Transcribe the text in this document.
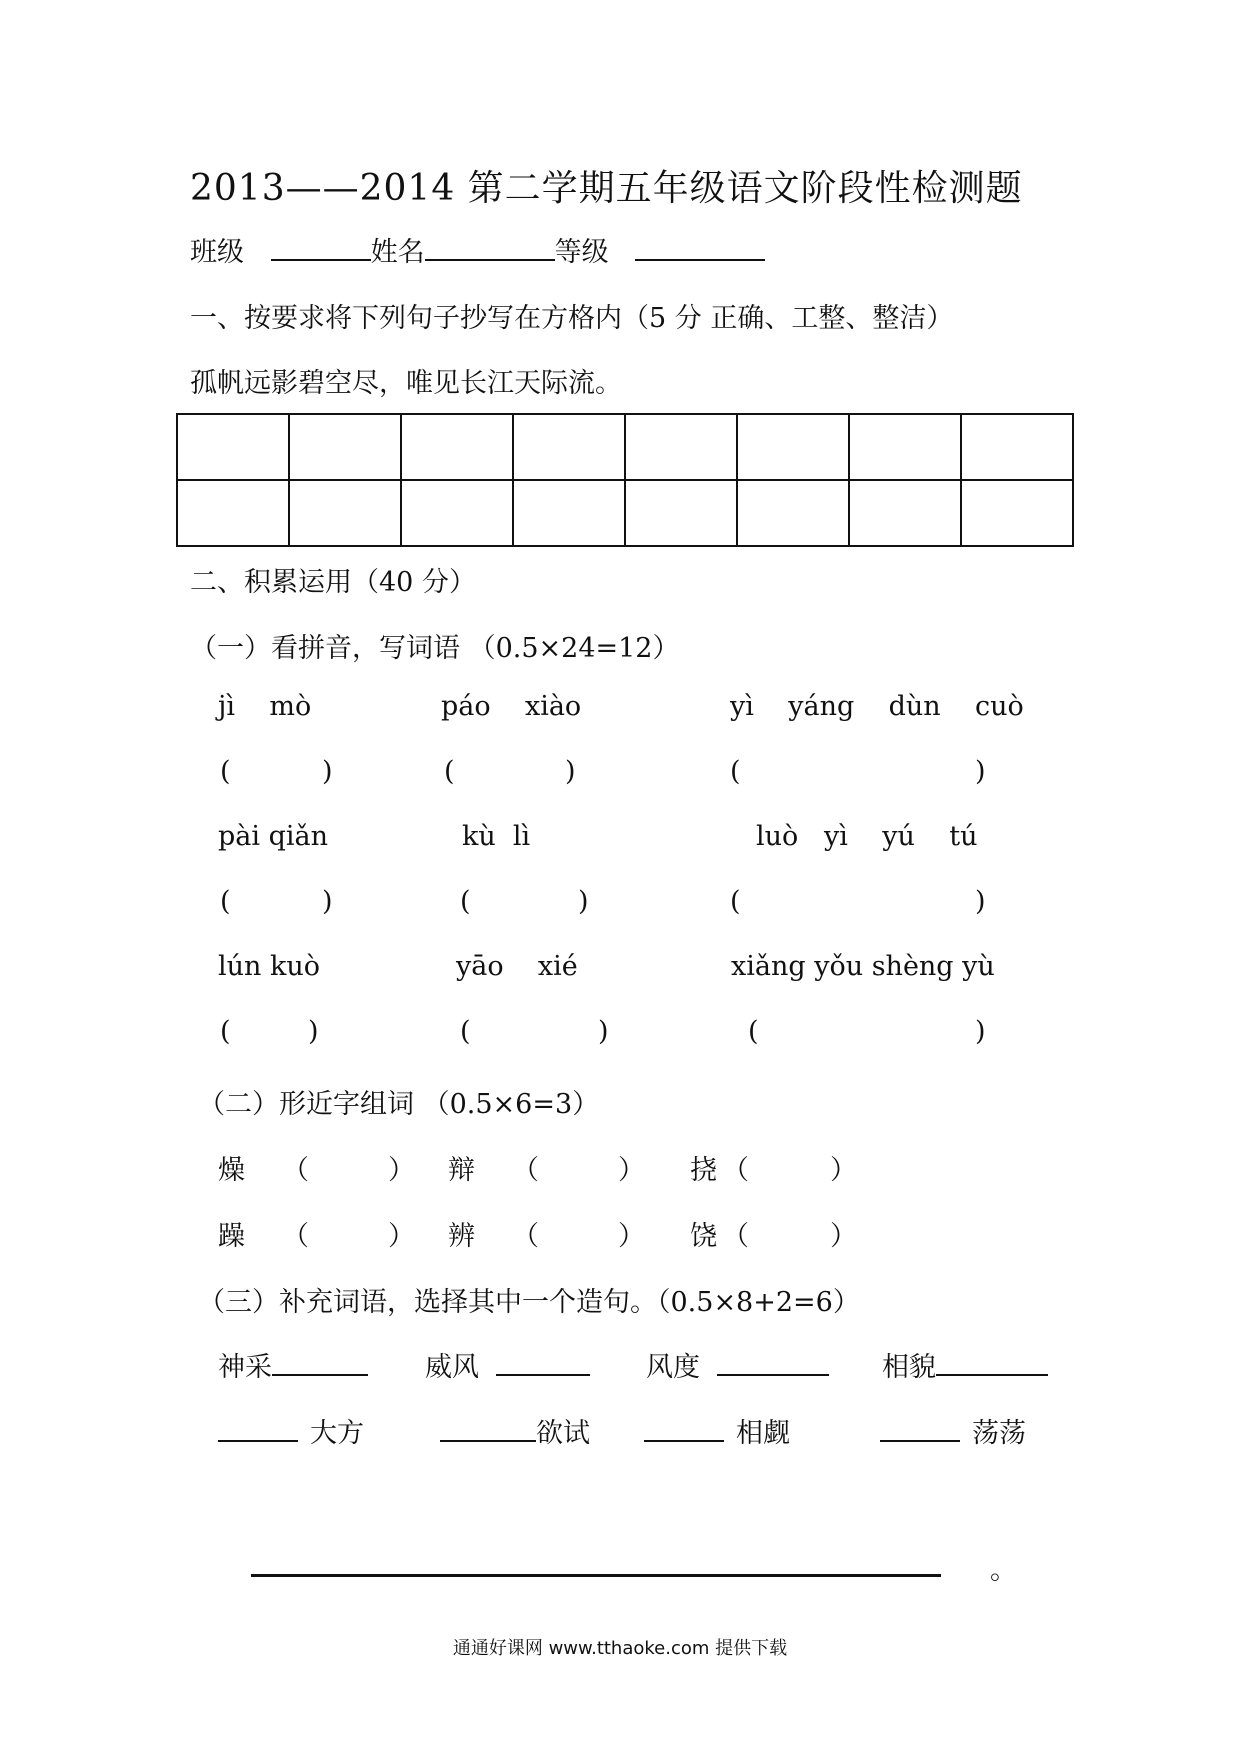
2013——2014 第二学期五年级语文阶段性检测题
班级	姓名	等级
一、按要求将下列句子抄写在方格内（5 分 正确、工整、整洁）
孤帆远影碧空尽，唯见长江天际流。

二、积累运用（40 分）
（一）看拼音，写词语 （0.5×24=12）
jì    mò	páo    xiào	yì    yáng    dùn    cuò
(	)	(	)	(	)
pài qiǎn	kù  lì	luò   yì    yú    tú
(	)	(	)	(	)
lún kuò	yāo    xié	xiǎng yǒu shèng yù
(	)	(	)	(	)
（二）形近字组词 （0.5×6=3）
燥 （	） 辩 （	） 挠 （	）
躁 （	） 辨 （	） 饶 （	）
（三）补充词语，选择其中一个造句。（0.5×8+2=6）
神采	威风	风度	相貌
大方	欲试	相觑	荡荡
。
通通好课网 www.tthaoke.com 提供下载
